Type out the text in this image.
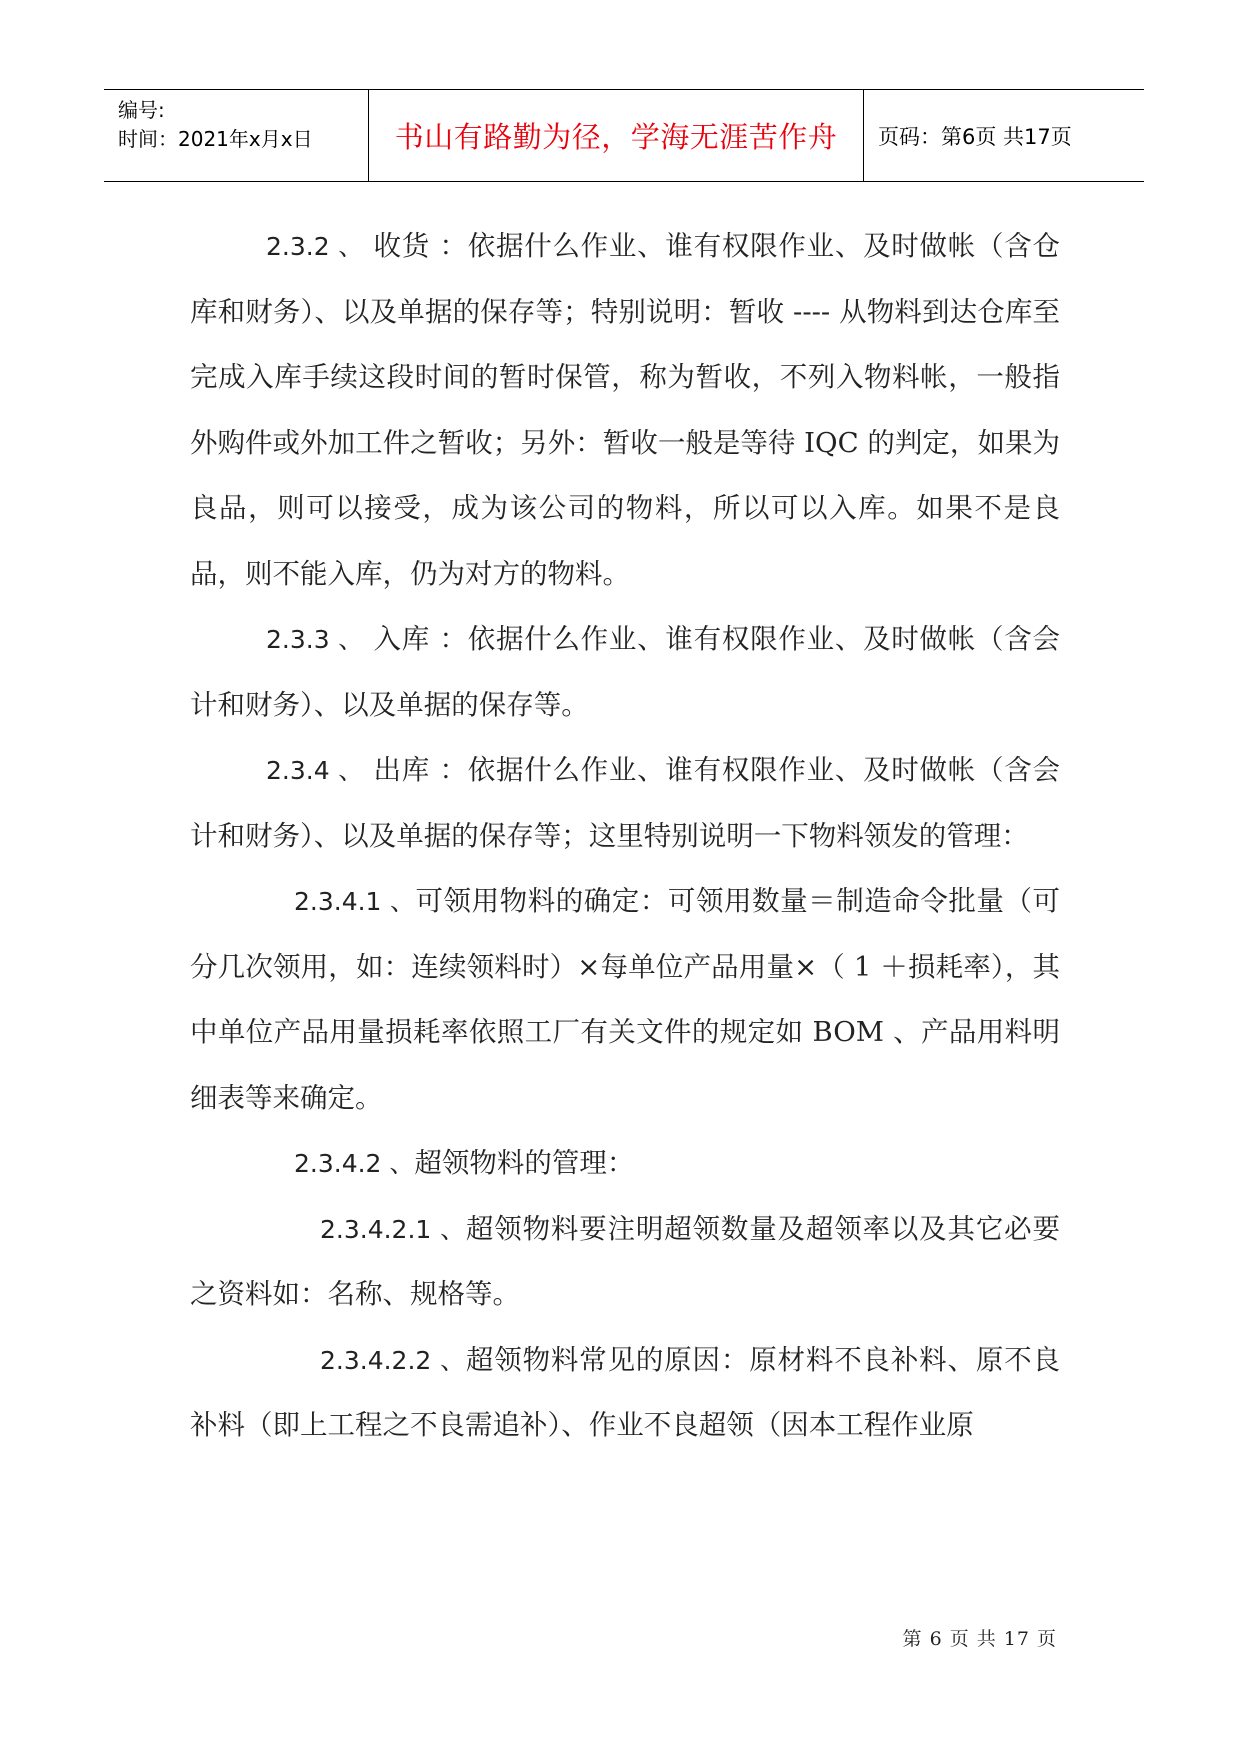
编号:
时间：2021年x月x日	书山有路勤为径，学海无涯苦作舟 页码：第6页 共17页

2.3.2 、 收货 ：依据什么作业、谁有权限作业、及时做帐（含仓库和财务）、以及单据的保存等；特别说明：暂收 ---- 从物料到达仓库至完成入库手续这段时间的暂时保管，称为暂收，不列入物料帐，一般指外购件或外加工件之暂收；另外：暂收一般是等待 IQC 的判定，如果为良品，则可以接受，成为该公司的物料，所以可以入库。如果不是良品，则不能入库，仍为对方的物料。

2.3.3 、 入库 ：依据什么作业、谁有权限作业、及时做帐（含会计和财务）、以及单据的保存等。

2.3.4 、 出库 ：依据什么作业、谁有权限作业、及时做帐（含会计和财务）、以及单据的保存等；这里特别说明一下物料领发的管理：

2.3.4.1 、可领用物料的确定：可领用数量＝制造命令批量（可分几次领用，如：连续领料时）×每单位产品用量×（ 1 ＋损耗率），其中单位产品用量损耗率依照工厂有关文件的规定如 BOM 、产品用料明细表等来确定。

2.3.4.2 、超领物料的管理：

2.3.4.2.1 、超领物料要注明超领数量及超领率以及其它必要之资料如：名称、规格等。

2.3.4.2.2 、超领物料常见的原因：原材料不良补料、原不良补料（即上工程之不良需追补）、作业不良超领（因本工程作业原

第 6 页 共 17 页
